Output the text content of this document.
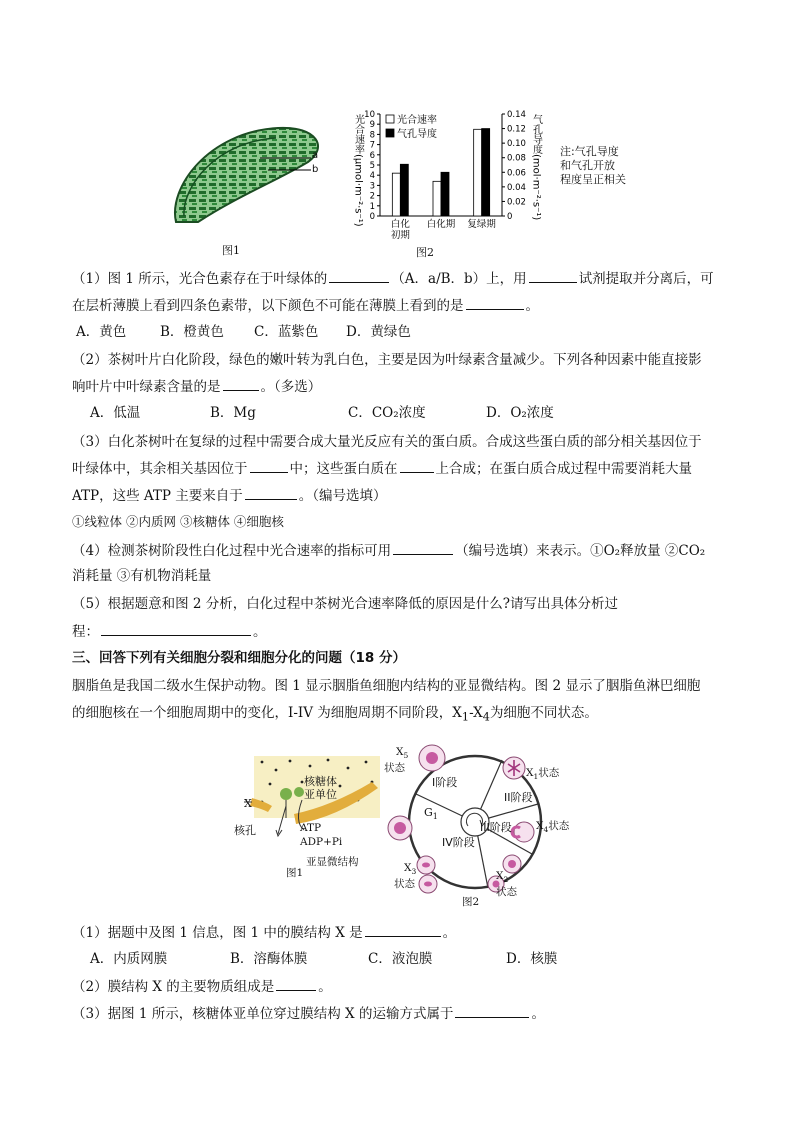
a
b
图1
光合速率(μmol·m⁻²·s⁻¹)	气孔导度(mol·m⁻²·s⁻¹)
0
1
2
3
4
5
6
7
8
9
10
0
0.02
0.04
0.06
0.08
0.10
0.12
0.14
白化
初期
白化期 复绿期
光合速率
气孔导度
图2
注:气孔导度
和气孔开放
程度呈正相关
（1）图 1 所示，光合色素存在于叶绿体的	（A．a/B．b）上，用	试剂提取并分离后，可
在层析薄膜上看到四条色素带，以下颜色不可能在薄膜上看到的是	。
A．黄色	B．橙黄色 C．蓝紫色 D．黄绿色
（2）茶树叶片白化阶段，绿色的嫩叶转为乳白色，主要是因为叶绿素含量减少。下列各种因素中能直接影
响叶片中叶绿素含量的是	。（多选）
A．低温	B．Mg	C．CO₂浓度	D．O₂浓度
（3）白化茶树叶在复绿的过程中需要合成大量光反应有关的蛋白质。合成这些蛋白质的部分相关基因位于
叶绿体中，其余相关基因位于	中；这些蛋白质在	上合成；在蛋白质合成过程中需要消耗大量
ATP，这些 ATP 主要来自于	。（编号选填）
①线粒体 ②内质网 ③核糖体 ④细胞核
（4）检测茶树阶段性白化过程中光合速率的指标可用	（编号选填）来表示。①O₂释放量 ②CO₂
消耗量 ③有机物消耗量
（5）根据题意和图 2 分析，白化过程中茶树光合速率降低的原因是什么?请写出具体分析过
程：	。
三、回答下列有关细胞分裂和细胞分化的问题（18 分）
胭脂鱼是我国二级水生保护动物。图 1 显示胭脂鱼细胞内结构的亚显微结构。图 2 显示了胭脂鱼淋巴细胞
的细胞核在一个细胞周期中的变化，I-IV 为细胞周期不同阶段，$X_1-X_4$为细胞不同状态。
核糖体
亚单位
X
核孔	ATP
ADP+Pi
图1
亚显微结构
I阶段
II阶段
III阶段
IV阶段
$G_1$
$X_5$
状态	$X_1$状态
$X_4$状态
$X_2$
状态
$X_3$
状态
图2
（1）据题中及图 1 信息，图 1 中的膜结构 X 是	。
A．内质网膜	B．溶酶体膜	C．液泡膜	D．核膜
（2）膜结构 X 的主要物质组成是	。
（3）据图 1 所示，核糖体亚单位穿过膜结构 X 的运输方式属于	。
